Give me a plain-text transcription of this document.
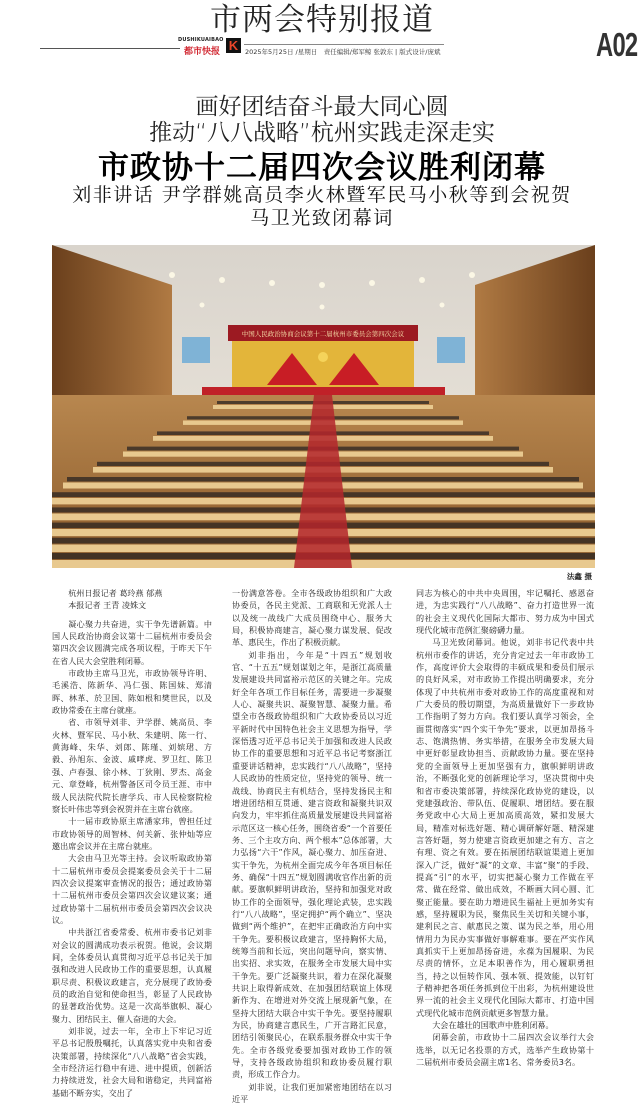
市两会特别报道
DUSHIKUAIBAO
都市快报 K	2025年5月25日 /星期日　责任编辑/郑军鲸 张敦东 | 版式设计/庞斌	A02
画好团结奋斗最大同心圆
推动“八八战略”杭州实践走深走实
市政协十二届四次会议胜利闭幕
刘非讲话 尹学群姚高员李火林暨军民马小秋等到会祝贺
马卫光致闭幕词
中国人民政治协商会议第十二届杭州市委员会第四次会议
法鑫 摄

杭州日报记者 葛玲燕 郁燕

本报记者 王青 凌姝文

凝心聚力共奋进，实干争先谱新篇。中国人民政治协商会议第十二届杭州市委员会第四次会议圆满完成各项议程，于昨天下午在省人民大会堂胜利闭幕。

市政协主席马卫光，市政协领导许明、毛溪浩、陈新华、冯仁强、陈国妹、郑清晖、林革、於卫国、陈如根和樊世民，以及政协常委在主席台就座。

省、市领导刘非、尹学群、姚高员、李火林、暨军民、马小秋、朱建明、陈一行、黄海峰、朱华、刘郎、陈瑾、刘嫔珺、方毅、孙旭东、金波、戚哮虎、罗卫红、陈卫强、卢春强、徐小林、丁狄刚、罗杰、高金元、章登峰，杭州警备区司令员王涯、市中级人民法院代院长唐学兵、市人民检察院检察长叶伟忠等到会祝贺并在主席台就座。

十一届市政协原主席潘家玮，曾担任过市政协领导的周智林、何关新、张仲灿等应邀出席会议并在主席台就座。

大会由马卫光等主持。会议听取政协第十二届杭州市委员会提案委员会关于十二届四次会议提案审查情况的报告；通过政协第十二届杭州市委员会第四次会议建议案；通过政协第十二届杭州市委员会第四次会议决议。

中共浙江省委常委、杭州市委书记刘非对会议的圆满成功表示祝贺。他说，会议期间，全体委员认真贯彻习近平总书记关于加强和改进人民政协工作的重要思想，认真履职尽责、积极议政建言，充分展现了政协委员的政治自觉和使命担当，彰显了人民政协的显著政治优势。这是一次高举旗帜、凝心聚力、团结民主、催人奋进的大会。

刘非说，过去一年，全市上下牢记习近平总书记殷殷嘱托，认真落实党中央和省委决策部署，持续深化“八八战略”省会实践，全市经济运行稳中有进、进中提质，创新活力持续迸发，社会大局和谐稳定，共同富裕基础不断夯实，交出了

一份满意答卷。全市各级政协组织和广大政协委员，各民主党派、工商联和无党派人士以及统一战线广大成员围绕中心、服务大局，积极协商建言，凝心聚力谋发展、促改革、惠民生，作出了积极贡献。

刘非指出，今年是“十四五”规划收官、“十五五”规划谋划之年，是浙江高质量发展建设共同富裕示范区的关键之年。完成好全年各项工作目标任务，需要进一步凝聚人心、凝聚共识、凝聚智慧、凝聚力量。希望全市各级政协组织和广大政协委员以习近平新时代中国特色社会主义思想为指导，学深悟透习近平总书记关于加强和改进人民政协工作的重要思想和习近平总书记考察浙江重要讲话精神，忠实践行“八八战略”，坚持人民政协的性质定位，坚持党的领导、统一战线、协商民主有机结合，坚持发扬民主和增进团结相互贯通、建言资政和凝聚共识双向发力，牢牢抓住高质量发展建设共同富裕示范区这一核心任务，围绕省委“一个首要任务、三个主攻方向、两个根本”总体部署，大力弘扬“六干”作风，凝心聚力、加压奋进、实干争先，为杭州全面完成今年各项目标任务、确保“十四五”规划圆满收官作出新的贡献。要旗帜鲜明讲政治，坚持和加强党对政协工作的全面领导，强化理论武装，忠实践行“八八战略”，坚定拥护“两个确立”、坚决做到“两个维护”，在把牢正确政治方向中实干争先。要积极议政建言，坚持胸怀大局，统筹当前和长远，突出问题导向，察实情、出实招、求实效，在服务全市发展大局中实干争先。要广泛凝聚共识，着力在深化凝聚共识上取得新成效、在加强团结联谊上体现新作为、在增进对外交流上展现新气象，在坚持大团结大联合中实干争先。要坚持履职为民，协商建言惠民生，广开言路汇民意，团结引领聚民心，在联系服务群众中实干争先。全市各级党委要加强对政协工作的领导，支持各级政协组织和政协委员履行职责，形成工作合力。

刘非说，让我们更加紧密地团结在以习近平

同志为核心的中共中央周围，牢记嘱托、感恩奋进，为忠实践行“八八战略”、奋力打造世界一流的社会主义现代化国际大都市、努力成为中国式现代化城市范例汇聚磅礴力量。

马卫光致闭幕词。他说，刘非书记代表中共杭州市委作的讲话，充分肯定过去一年市政协工作，高度评价大会取得的丰硕成果和委员们展示的良好风采，对市政协工作提出明确要求，充分体现了中共杭州市委对政协工作的高度重视和对广大委员的殷切期望，为高质量做好下一步政协工作指明了努力方向。我们要认真学习领会，全面贯彻落实“四个实干争先”要求，以更加昂扬斗志、饱满热情、务实举措，在服务全市发展大局中更好彰显政协担当、贡献政协力量。要在坚持党的全面领导上更加坚强有力，旗帜鲜明讲政治，不断强化党的创新理论学习，坚决贯彻中央和省市委决策部署，持续深化政协党的建设，以党建强政治、带队伍、促履职、增团结。要在服务党政中心大局上更加高质高效，紧扣发展大局，精准对标选好题、精心调研解好题、精深建言答好题，努力使建言资政更加建之有方、言之有理、资之有效。要在拓展团结联谊渠道上更加深入广泛，做好“凝”的文章、丰富“聚”的手段、提高“引”的水平，切实把凝心聚力工作做在平常、做在经常、做出成效，不断画大同心圆、汇聚正能量。要在助力增进民生福祉上更加务实有感，坚持履职为民，聚焦民生关切和关键小事，建利民之言、献惠民之策、谋为民之举，用心用情用力为民办实事做好事解难事。要在严实作风真抓实干上更加昂扬奋进，永葆为国履职、为民尽责的情怀，立足本职善作为，用心履职勇担当，持之以恒转作风、强本领、提效能，以钉钉子精神把各项任务抓到位干出彩，为杭州建设世界一流的社会主义现代化国际大都市、打造中国式现代化城市范例贡献更多智慧力量。

大会在雄壮的国歌声中胜利闭幕。

闭幕会前，市政协十二届四次会议举行大会选举，以无记名投票的方式，选举产生政协第十二届杭州市委员会副主席1名、常务委员3名。
